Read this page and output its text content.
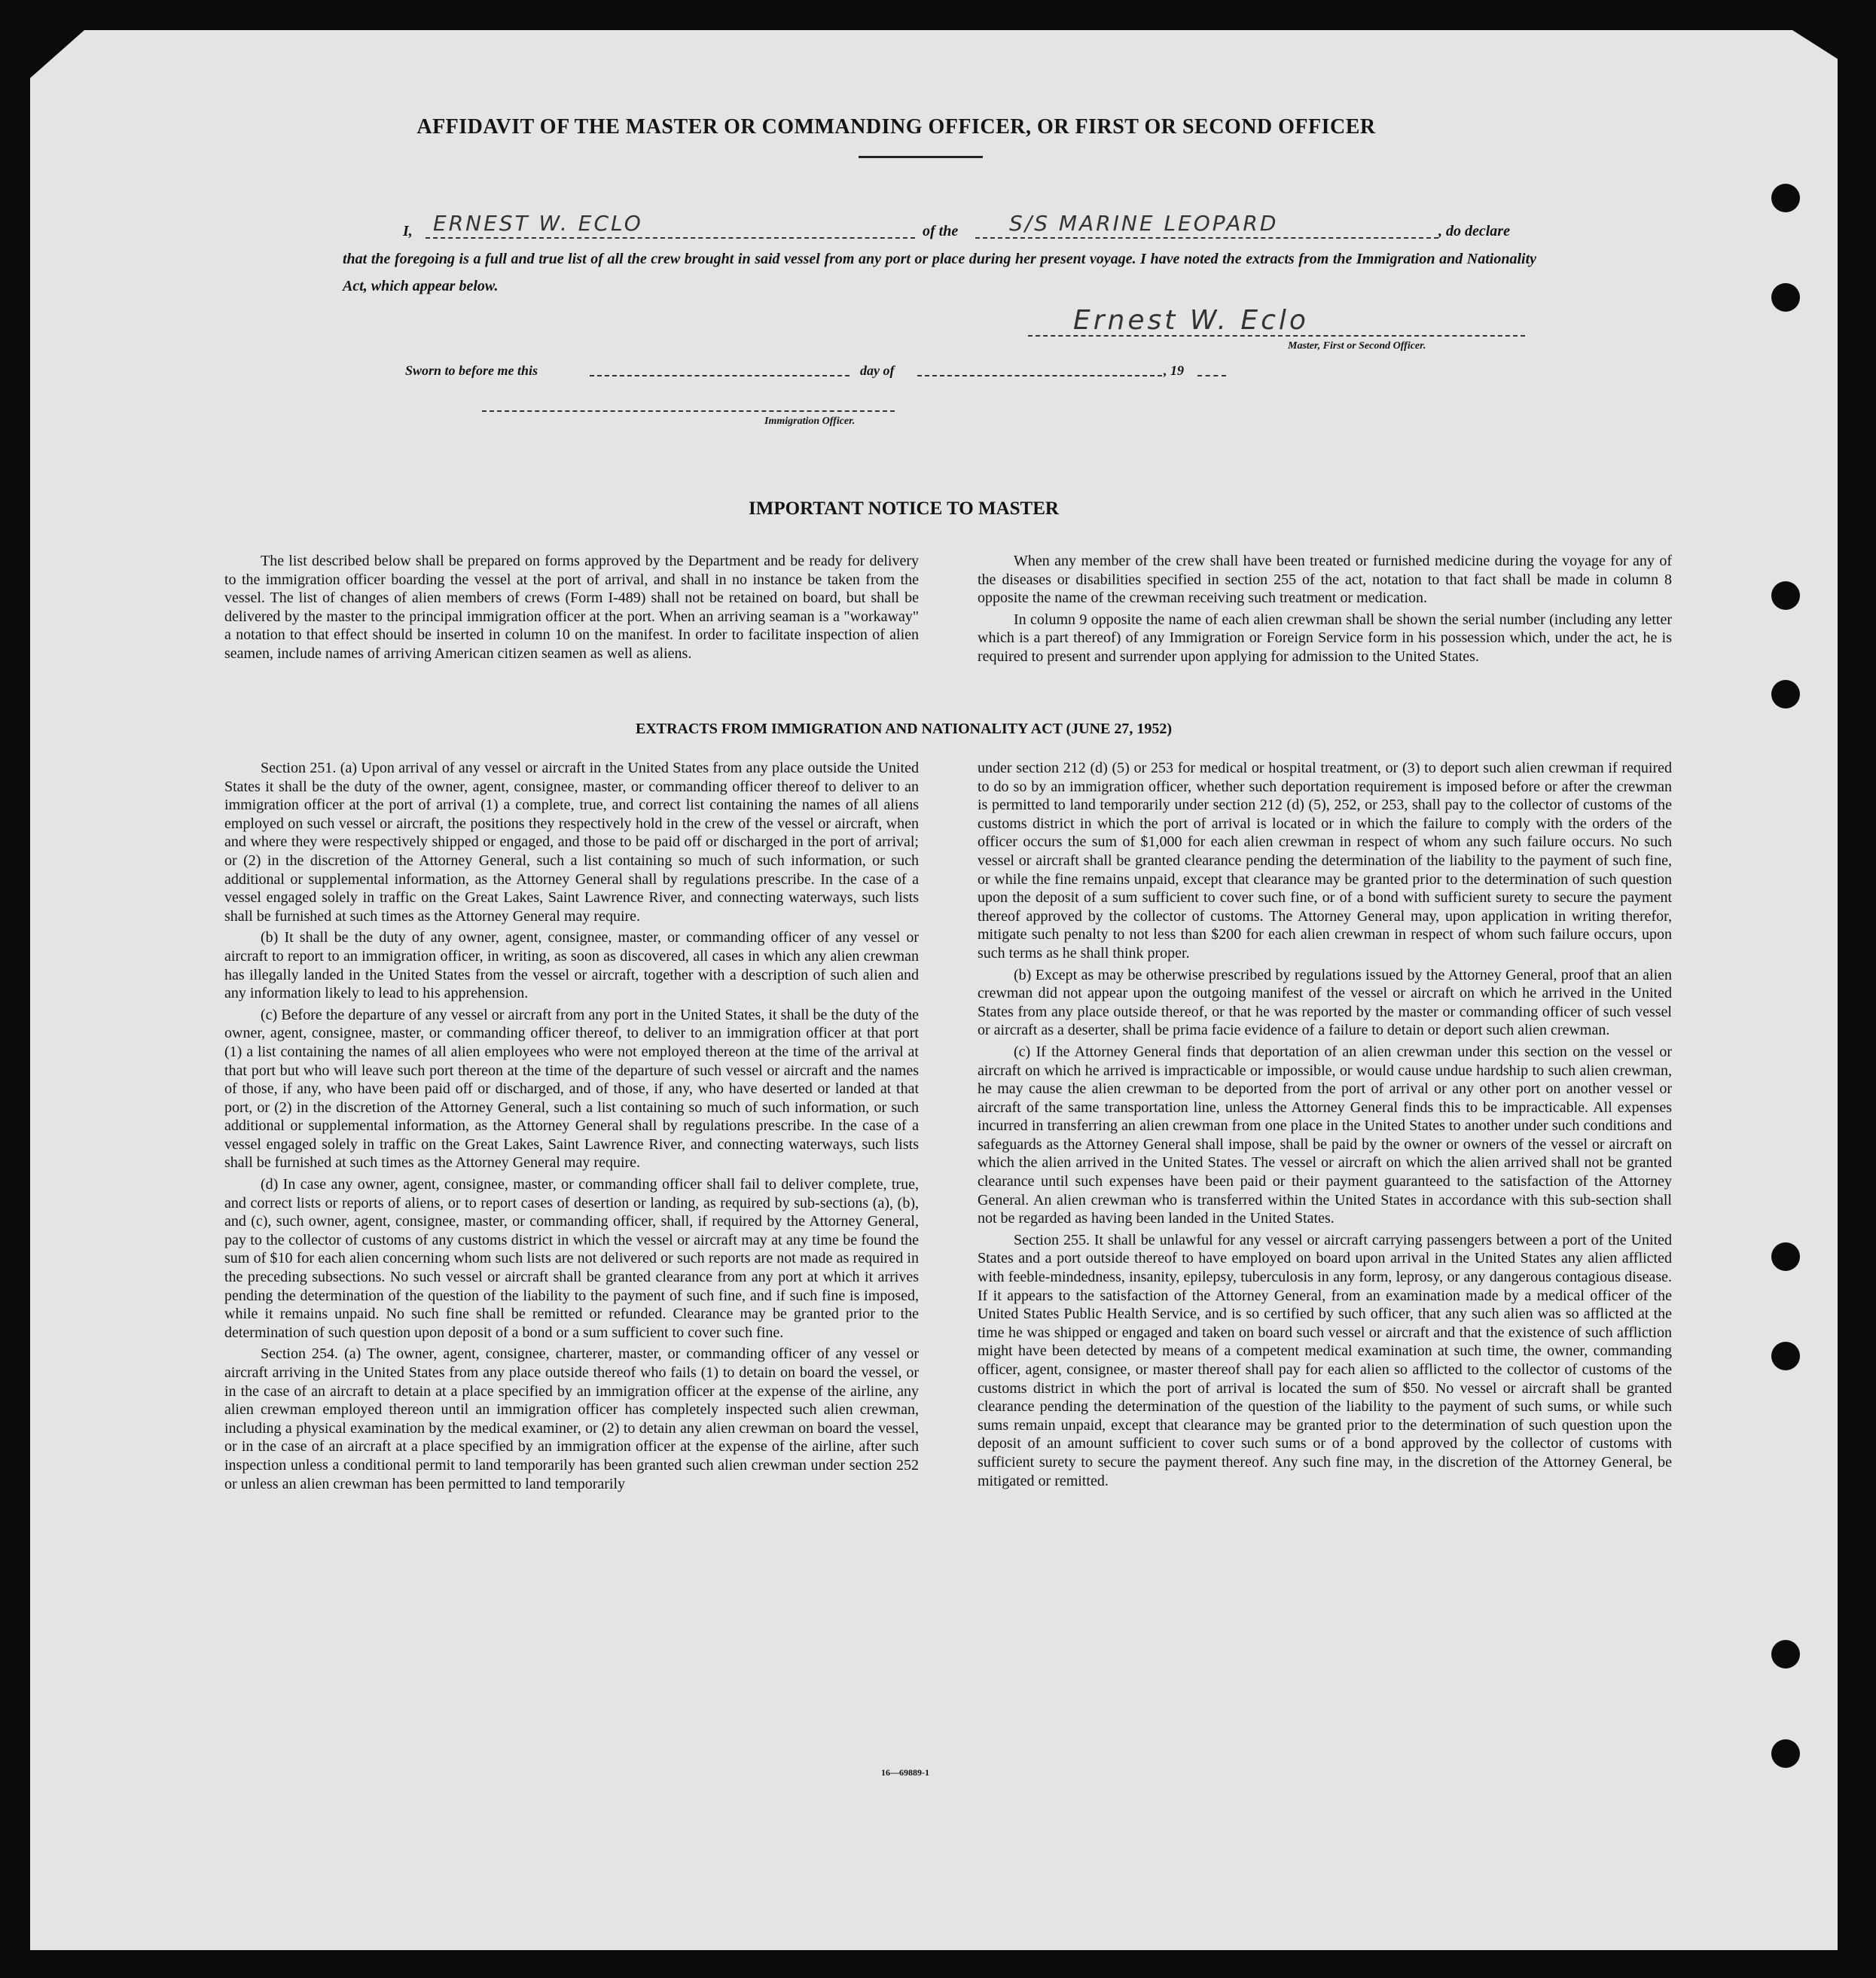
AFFIDAVIT OF THE MASTER OR COMMANDING OFFICER, OR FIRST OR SECOND OFFICER
I, ERNEST W. ECLO	of the S/S MARINE LEOPARD	, do declare
that the foregoing is a full and true list of all the crew brought in said vessel from any port or place during her present voyage. I have noted the extracts from the Immigration and Nationality Act, which appear below.
Ernest W. Eclo
Master, First or Second Officer.
Sworn to before me this	day of	, 19
Immigration Officer.
IMPORTANT NOTICE TO MASTER

The list described below shall be prepared on forms approved by the Department and be ready for delivery to the immigration officer boarding the vessel at the port of arrival, and shall in no instance be taken from the vessel. The list of changes of alien members of crews (Form I-489) shall not be retained on board, but shall be delivered by the master to the principal immigration officer at the port. When an arriving seaman is a "workaway" a notation to that effect should be inserted in column 10 on the manifest. In order to facilitate inspection of alien seamen, include names of arriving American citizen seamen as well as aliens.

When any member of the crew shall have been treated or furnished medicine during the voyage for any of the diseases or disabilities specified in section 255 of the act, notation to that fact shall be made in column 8 opposite the name of the crewman receiving such treatment or medication.

In column 9 opposite the name of each alien crewman shall be shown the serial number (including any letter which is a part thereof) of any Immigration or Foreign Service form in his possession which, under the act, he is required to present and surrender upon applying for admission to the United States.

EXTRACTS FROM IMMIGRATION AND NATIONALITY ACT (JUNE 27, 1952)

Section 251. (a) Upon arrival of any vessel or aircraft in the United States from any place outside the United States it shall be the duty of the owner, agent, consignee, master, or commanding officer thereof to deliver to an immigration officer at the port of arrival (1) a complete, true, and correct list containing the names of all aliens employed on such vessel or aircraft, the positions they respectively hold in the crew of the vessel or aircraft, when and where they were respectively shipped or engaged, and those to be paid off or discharged in the port of arrival; or (2) in the discretion of the Attorney General, such a list containing so much of such information, or such additional or supplemental information, as the Attorney General shall by regulations prescribe. In the case of a vessel engaged solely in traffic on the Great Lakes, Saint Lawrence River, and connecting waterways, such lists shall be furnished at such times as the Attorney General may require.

(b) It shall be the duty of any owner, agent, consignee, master, or commanding officer of any vessel or aircraft to report to an immigration officer, in writing, as soon as discovered, all cases in which any alien crewman has illegally landed in the United States from the vessel or aircraft, together with a description of such alien and any information likely to lead to his apprehension.

(c) Before the departure of any vessel or aircraft from any port in the United States, it shall be the duty of the owner, agent, consignee, master, or commanding officer thereof, to deliver to an immigration officer at that port (1) a list containing the names of all alien employees who were not employed thereon at the time of the arrival at that port but who will leave such port thereon at the time of the departure of such vessel or aircraft and the names of those, if any, who have been paid off or discharged, and of those, if any, who have deserted or landed at that port, or (2) in the discretion of the Attorney General, such a list containing so much of such information, or such additional or supplemental information, as the Attorney General shall by regulations prescribe. In the case of a vessel engaged solely in traffic on the Great Lakes, Saint Lawrence River, and connecting waterways, such lists shall be furnished at such times as the Attorney General may require.

(d) In case any owner, agent, consignee, master, or commanding officer shall fail to deliver complete, true, and correct lists or reports of aliens, or to report cases of desertion or landing, as required by sub-sections (a), (b), and (c), such owner, agent, consignee, master, or commanding officer, shall, if required by the Attorney General, pay to the collector of customs of any customs district in which the vessel or aircraft may at any time be found the sum of $10 for each alien concerning whom such lists are not delivered or such reports are not made as required in the preceding subsections. No such vessel or aircraft shall be granted clearance from any port at which it arrives pending the determination of the question of the liability to the payment of such fine, and if such fine is imposed, while it remains unpaid. No such fine shall be remitted or refunded. Clearance may be granted prior to the determination of such question upon deposit of a bond or a sum sufficient to cover such fine.

Section 254. (a) The owner, agent, consignee, charterer, master, or commanding officer of any vessel or aircraft arriving in the United States from any place outside thereof who fails (1) to detain on board the vessel, or in the case of an aircraft to detain at a place specified by an immigration officer at the expense of the airline, any alien crewman employed thereon until an immigration officer has completely inspected such alien crewman, including a physical examination by the medical examiner, or (2) to detain any alien crewman on board the vessel, or in the case of an aircraft at a place specified by an immigration officer at the expense of the airline, after such inspection unless a conditional permit to land temporarily has been granted such alien crewman under section 252 or unless an alien crewman has been permitted to land temporarily

under section 212 (d) (5) or 253 for medical or hospital treatment, or (3) to deport such alien crewman if required to do so by an immigration officer, whether such deportation requirement is imposed before or after the crewman is permitted to land temporarily under section 212 (d) (5), 252, or 253, shall pay to the collector of customs of the customs district in which the port of arrival is located or in which the failure to comply with the orders of the officer occurs the sum of $1,000 for each alien crewman in respect of whom any such failure occurs. No such vessel or aircraft shall be granted clearance pending the determination of the liability to the payment of such fine, or while the fine remains unpaid, except that clearance may be granted prior to the determination of such question upon the deposit of a sum sufficient to cover such fine, or of a bond with sufficient surety to secure the payment thereof approved by the collector of customs. The Attorney General may, upon application in writing therefor, mitigate such penalty to not less than $200 for each alien crewman in respect of whom such failure occurs, upon such terms as he shall think proper.

(b) Except as may be otherwise prescribed by regulations issued by the Attorney General, proof that an alien crewman did not appear upon the outgoing manifest of the vessel or aircraft on which he arrived in the United States from any place outside thereof, or that he was reported by the master or commanding officer of such vessel or aircraft as a deserter, shall be prima facie evidence of a failure to detain or deport such alien crewman.

(c) If the Attorney General finds that deportation of an alien crewman under this section on the vessel or aircraft on which he arrived is impracticable or impossible, or would cause undue hardship to such alien crewman, he may cause the alien crewman to be deported from the port of arrival or any other port on another vessel or aircraft of the same transportation line, unless the Attorney General finds this to be impracticable. All expenses incurred in transferring an alien crewman from one place in the United States to another under such conditions and safeguards as the Attorney General shall impose, shall be paid by the owner or owners of the vessel or aircraft on which the alien arrived in the United States. The vessel or aircraft on which the alien arrived shall not be granted clearance until such expenses have been paid or their payment guaranteed to the satisfaction of the Attorney General. An alien crewman who is transferred within the United States in accordance with this sub-section shall not be regarded as having been landed in the United States.

Section 255. It shall be unlawful for any vessel or aircraft carrying passengers between a port of the United States and a port outside thereof to have employed on board upon arrival in the United States any alien afflicted with feeble-mindedness, insanity, epilepsy, tuberculosis in any form, leprosy, or any dangerous contagious disease. If it appears to the satisfaction of the Attorney General, from an examination made by a medical officer of the United States Public Health Service, and is so certified by such officer, that any such alien was so afflicted at the time he was shipped or engaged and taken on board such vessel or aircraft and that the existence of such affliction might have been detected by means of a competent medical examination at such time, the owner, commanding officer, agent, consignee, or master thereof shall pay for each alien so afflicted to the collector of customs of the customs district in which the port of arrival is located the sum of $50. No vessel or aircraft shall be granted clearance pending the determination of the question of the liability to the payment of such sums, or while such sums remain unpaid, except that clearance may be granted prior to the determination of such question upon the deposit of an amount sufficient to cover such sums or of a bond approved by the collector of customs with sufficient surety to secure the payment thereof. Any such fine may, in the discretion of the Attorney General, be mitigated or remitted.

16—69889-1
